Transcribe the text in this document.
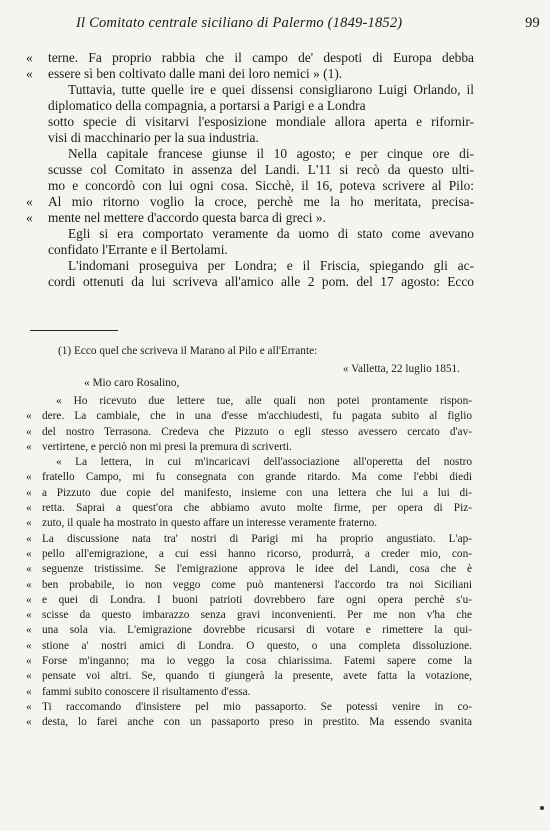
Il Comitato centrale siciliano di Palermo (1849-1852)	99
«	terne. Fa proprio rabbia che il campo de' despoti di Europa debba
«	essere sì ben coltivato dalle mani dei loro nemici » (1).
Tuttavia, tutte quelle ire e quei dissensi consigliarono Luigi Orlando, il diplomatico della compagnia, a portarsi a Parigi e a Londra
sotto specie di visitarvi l'esposizione mondiale allora aperta e rifornir-
visi di macchinario per la sua industria.
Nella capitale francese giunse il 10 agosto; e per cinque ore di-
scusse col Comitato in assenza del Landi. L'11 si recò da questo ulti-
mo e concordò con lui ogni cosa. Sicchè, il 16, poteva scrivere al Pilo:
«	Al mio ritorno voglio la croce, perchè me la ho meritata, precisa-
«	mente nel mettere d'accordo questa barca di greci ».
Egli si era comportato veramente da uomo di stato come avevano
confidato l'Errante e il Bertolami.
L'indomani proseguiva per Londra; e il Friscia, spiegando gli ac-
cordi ottenuti da lui scriveva all'amico alle 2 pom. del 17 agosto: Ecco
(1) Ecco quel che scriveva il Marano al Pilo e all'Errante:
« Valletta, 22 luglio 1851.
« Mio caro Rosalino,
« Ho ricevuto due lettere tue, alle quali non potei prontamente rispon-
« dere. La cambiale, che in una d'esse m'acchiudesti, fu pagata subito al figlio
« del nostro Terrasona. Credeva che Pizzuto o egli stesso avessero cercato d'av-
« vertirtene, e perciò non mi presi la premura di scriverti.
« La lettera, in cui m'incaricavi dell'associazione all'operetta del nostro
« fratello Campo, mi fu consegnata con grande ritardo. Ma come l'ebbi diedi
« a Pizzuto due copie del manifesto, insieme con una lettera che lui a lui di-
« retta. Saprai a quest'ora che abbiamo avuto molte firme, per opera di Piz-
« zuto, il quale ha mostrato in questo affare un interesse veramente fraterno.
« La discussione nata tra' nostri di Parigi mi ha proprio angustiato. L'ap-
« pello all'emigrazione, a cui essi hanno ricorso, produrrà, a creder mio, con-
« seguenze tristissime. Se l'emigrazione approva le idee del Landi, cosa che è
« ben probabile, io non veggo come può mantenersi l'accordo tra noi Siciliani
« e quei di Londra. I buoni patrioti dovrebbero fare ogni opera perchè s'u-
« scisse da questo imbarazzo senza gravi inconvenienti. Per me non v'ha che
« una sola via. L'emigrazione dovrebbe ricusarsi di votare e rimettere la qui-
« stione a' nostri amici di Londra. O questo, o una completa dissoluzione.
« Forse m'inganno; ma io veggo la cosa chiarissima. Fatemi sapere come la
« pensate voi altri. Se, quando ti giungerà la presente, avete fatta la votazione,
« fammi subito conoscere il risultamento d'essa.
« Ti raccomando d'insistere pel mio passaporto. Se potessi venire in co-
« desta, lo farei anche con un passaporto preso in prestito. Ma essendo svanita
